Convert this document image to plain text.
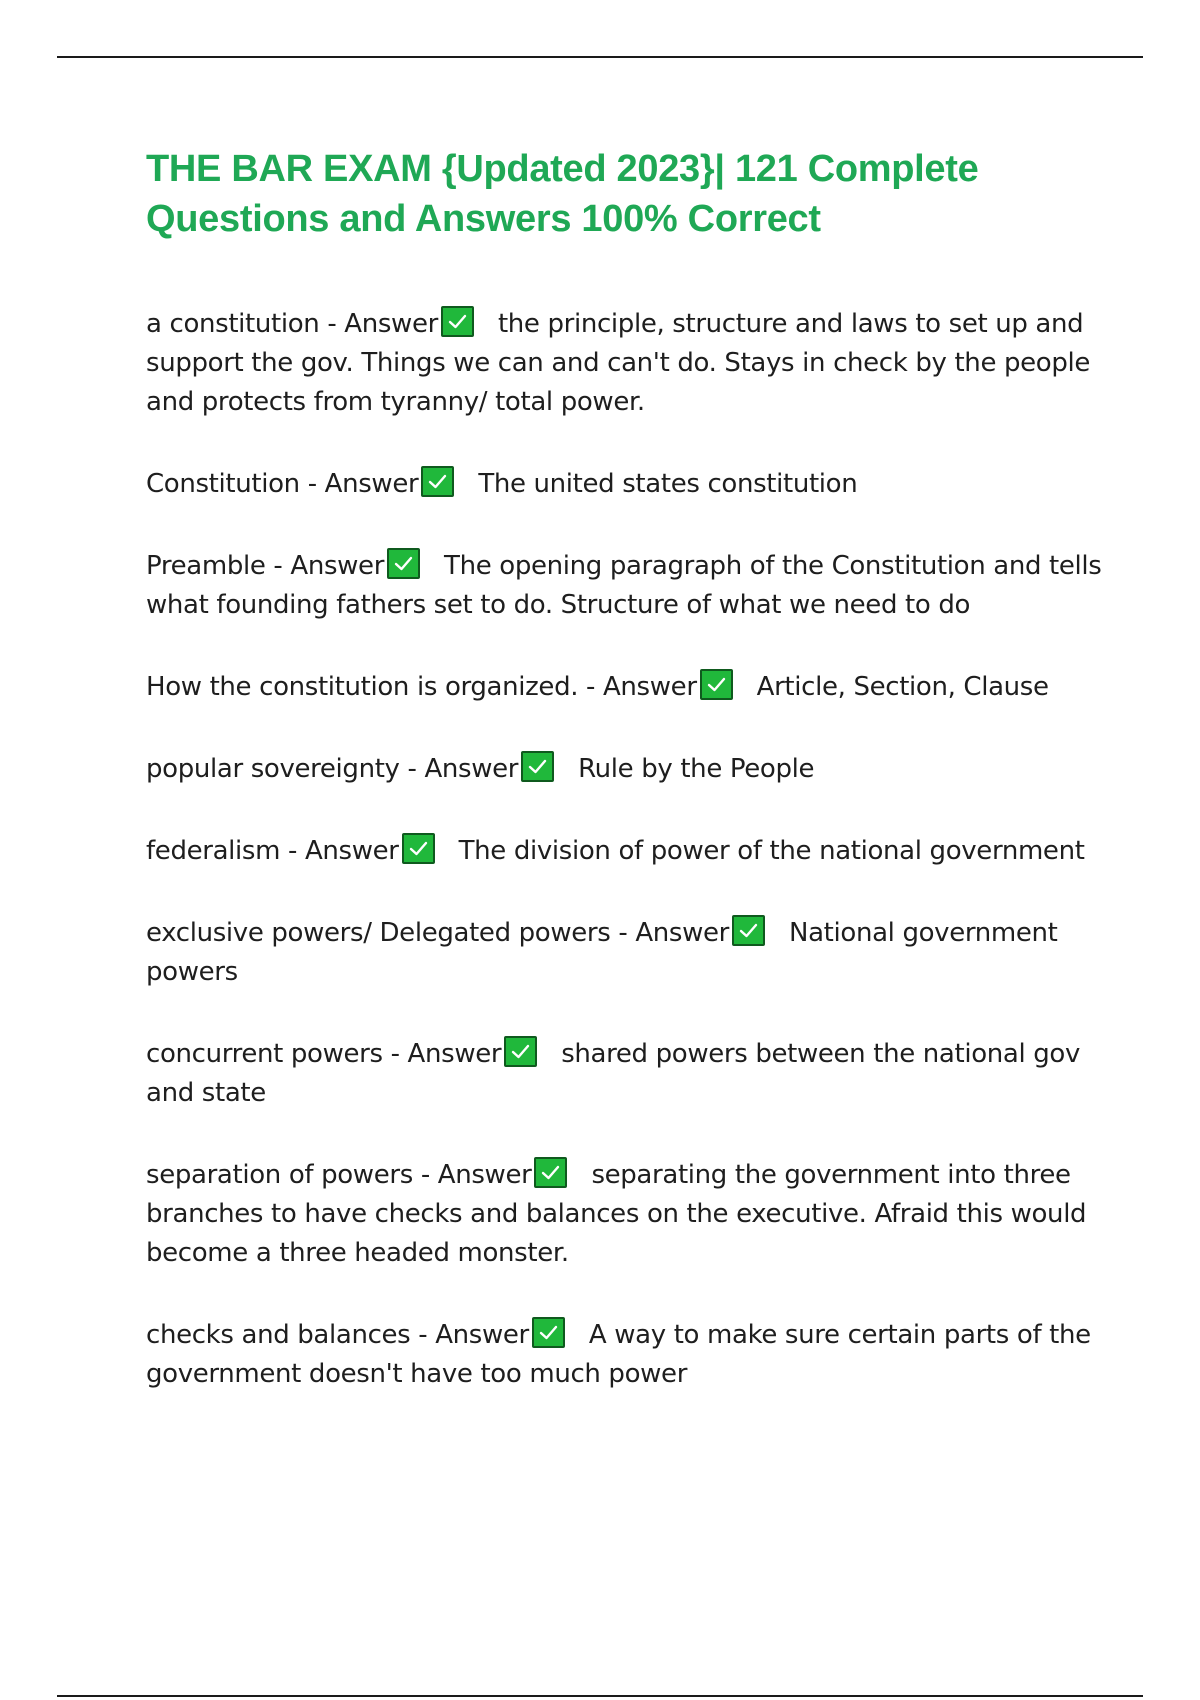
THE BAR EXAM {Updated 2023}| 121 Complete Questions and Answers 100% Correct
a constitution - Answer the principle, structure and laws to set up and support the gov. Things we can and can't do. Stays in check by the people and protects from tyranny/ total power.
Constitution - Answer The united states constitution
Preamble - Answer The opening paragraph of the Constitution and tells what founding fathers set to do. Structure of what we need to do
How the constitution is organized. - Answer Article, Section, Clause
popular sovereignty - Answer Rule by the People
federalism - Answer The division of power of the national government
exclusive powers/ Delegated powers - Answer National government powers
concurrent powers - Answer shared powers between the national gov and state
separation of powers - Answer separating the government into three branches to have checks and balances on the executive. Afraid this would become a three headed monster.
checks and balances - Answer A way to make sure certain parts of the government doesn't have too much power
